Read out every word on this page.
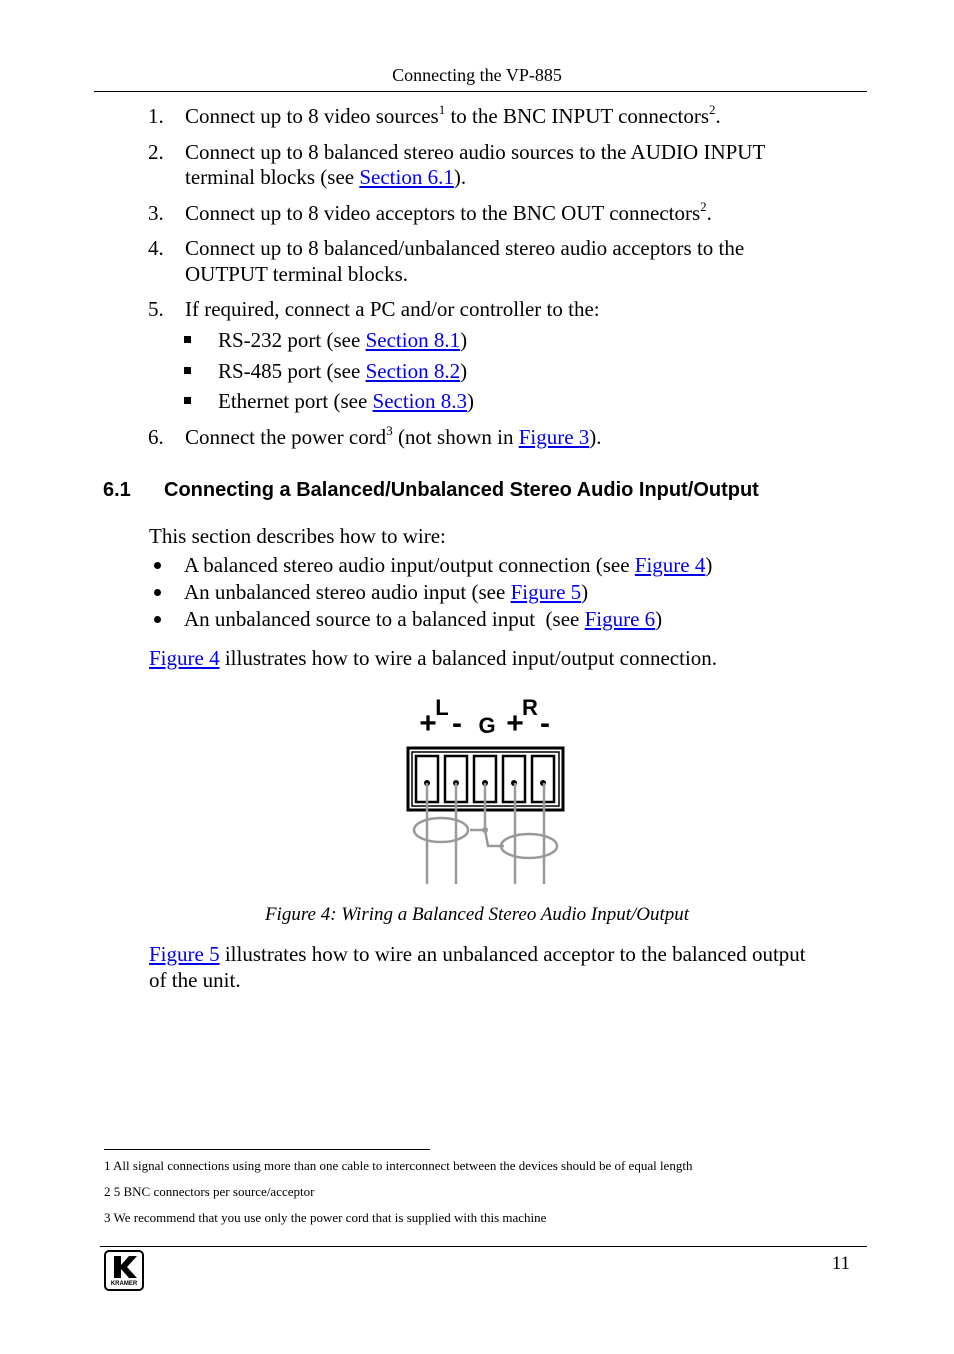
Connecting the VP-885
1. Connect up to 8 video sources$^1$ to the BNC INPUT connectors$^2$.
2. Connect up to 8 balanced stereo audio sources to the AUDIO INPUT
terminal blocks (see Section 6.1).
3. Connect up to 8 video acceptors to the BNC OUT connectors$^2$.
4. Connect up to 8 balanced/unbalanced stereo audio acceptors to the
OUTPUT terminal blocks.
5. If required, connect a PC and/or controller to the:
RS-232 port (see Section 8.1)
RS-485 port (see Section 8.2)
Ethernet port (see Section 8.3)
6. Connect the power cord$^3$ (not shown in Figure 3).
6.1 Connecting a Balanced/Unbalanced Stereo Audio Input/Output
This section describes how to wire:
A balanced stereo audio input/output connection (see Figure 4)
An unbalanced stereo audio input (see Figure 5)
An unbalanced source to a balanced input  (see Figure 6)
Figure 4 illustrates how to wire a balanced input/output connection.
+
L - G +
R -
Figure 4: Wiring a Balanced Stereo Audio Input/Output
Figure 5 illustrates how to wire an unbalanced acceptor to the balanced output
of the unit.
1 All signal connections using more than one cable to interconnect between the devices should be of equal length
2 5 BNC connectors per source/acceptor
3 We recommend that you use only the power cord that is supplied with this machine
KRAMER
11
